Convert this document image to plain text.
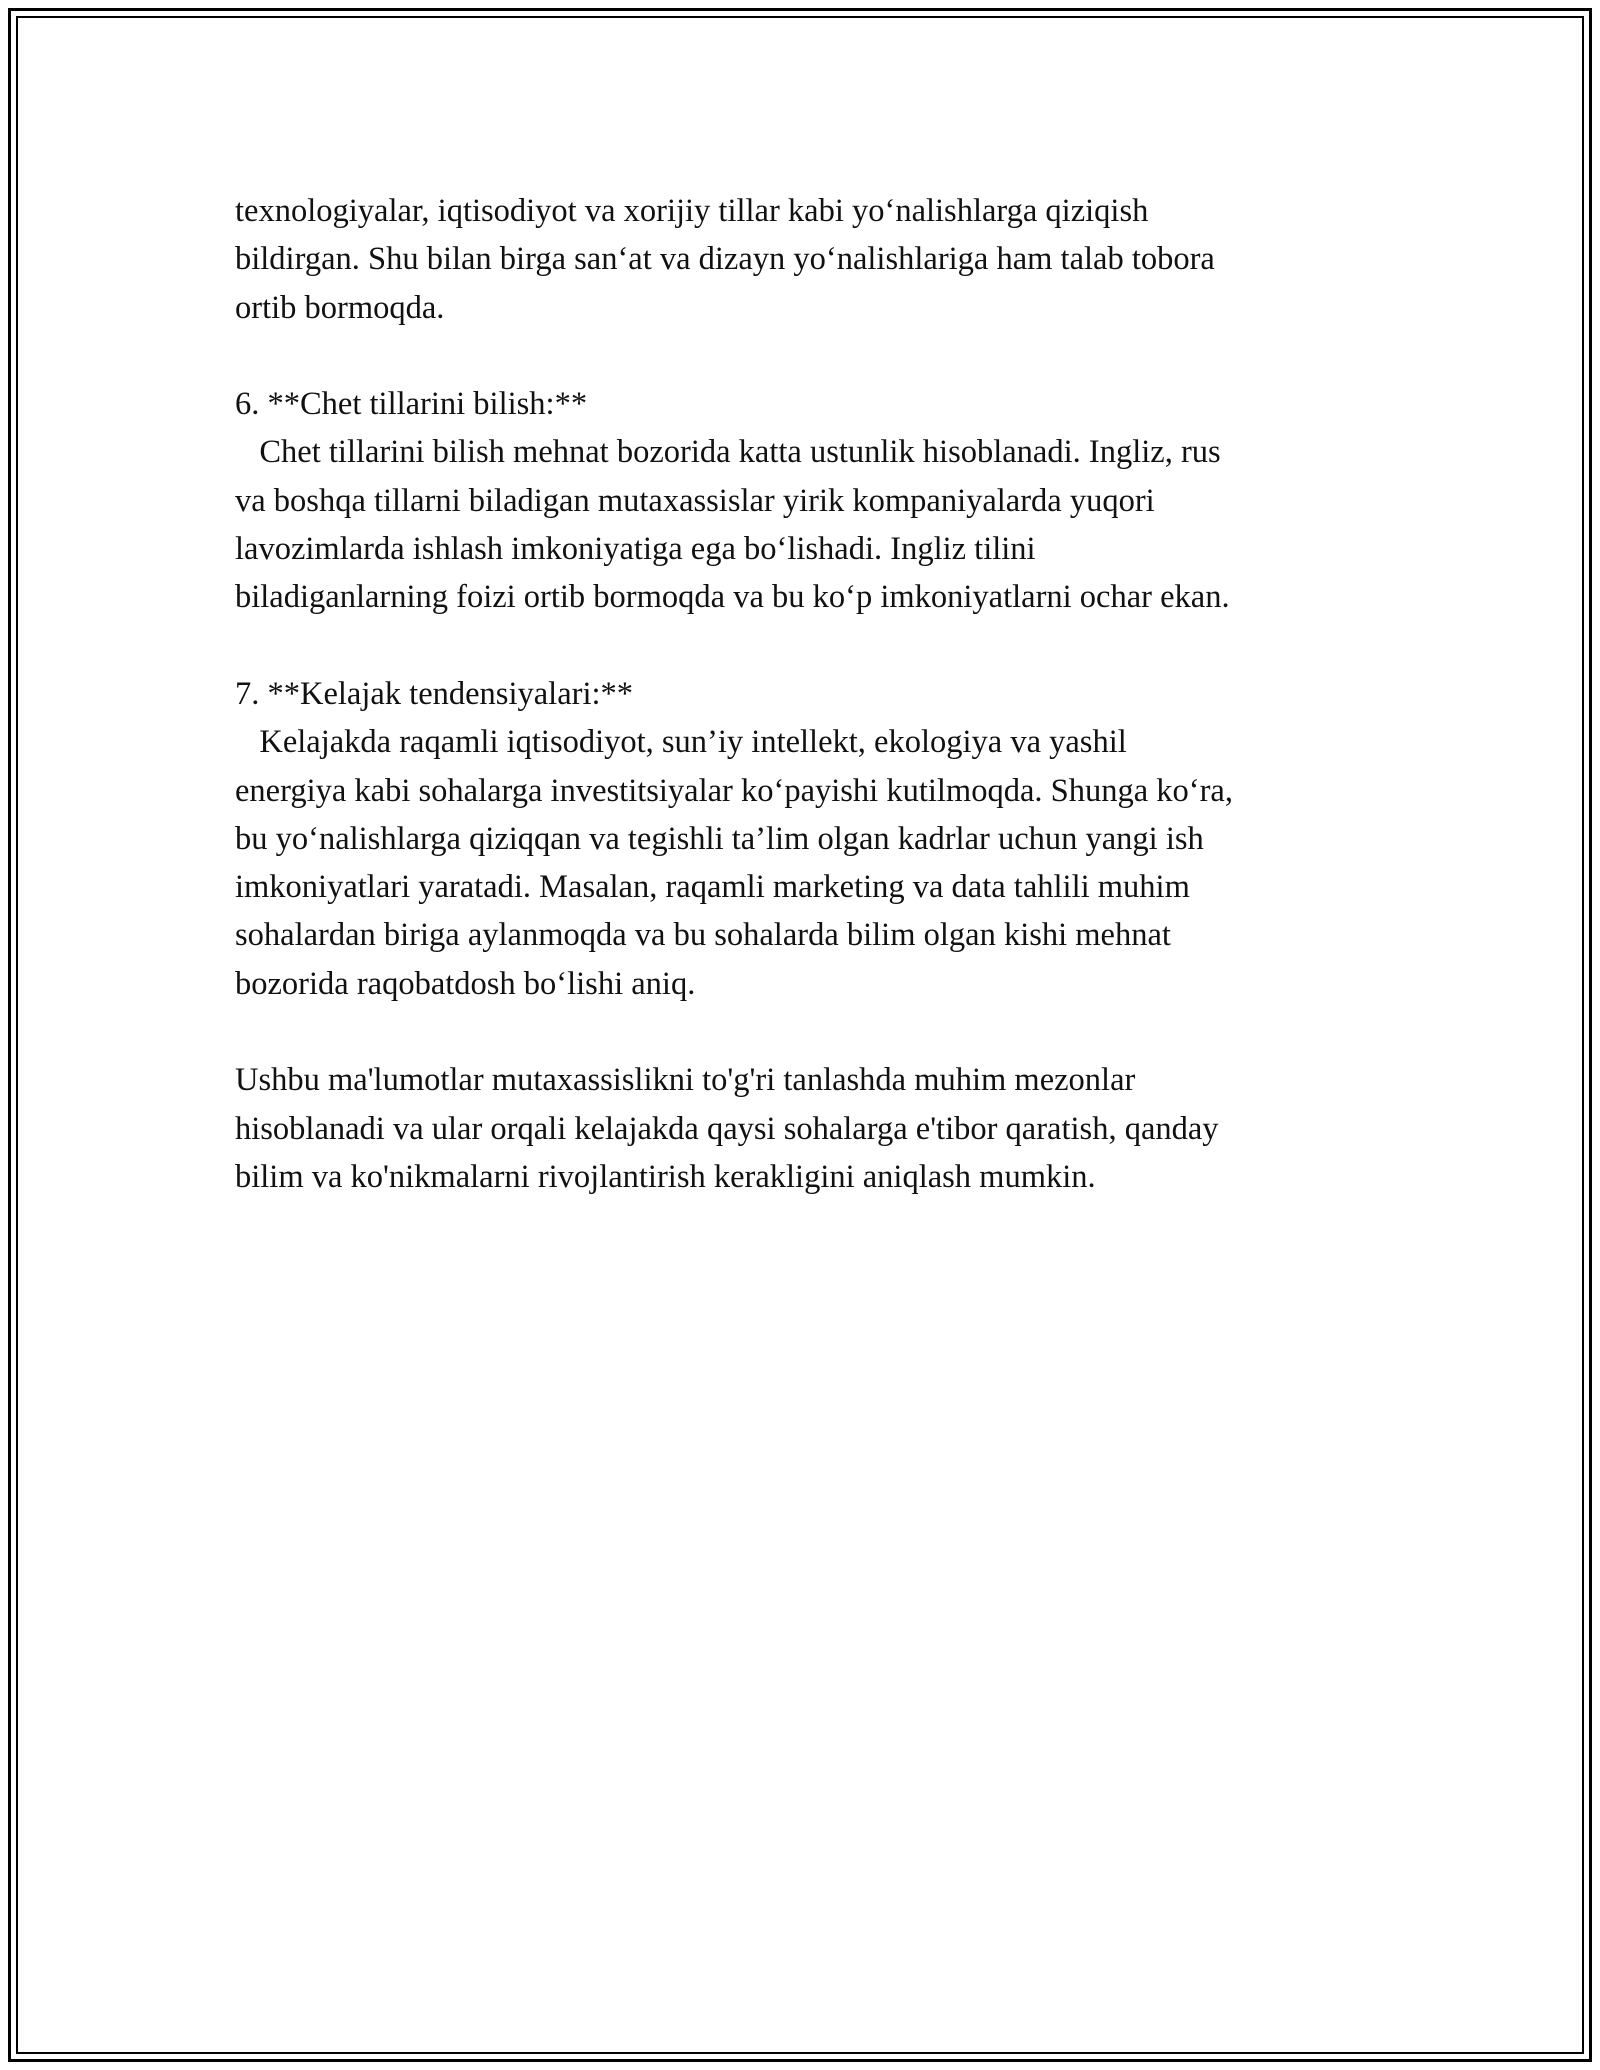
texnologiyalar, iqtisodiyot va xorijiy tillar kabi yo‘nalishlarga qiziqish
bildirgan. Shu bilan birga san‘at va dizayn yo‘nalishlariga ham talab tobora
ortib bormoqda.
6. **Chet tillarini bilish:**
Chet tillarini bilish mehnat bozorida katta ustunlik hisoblanadi. Ingliz, rus
va boshqa tillarni biladigan mutaxassislar yirik kompaniyalarda yuqori
lavozimlarda ishlash imkoniyatiga ega bo‘lishadi. Ingliz tilini
biladiganlarning foizi ortib bormoqda va bu ko‘p imkoniyatlarni ochar ekan.
7. **Kelajak tendensiyalari:**
Kelajakda raqamli iqtisodiyot, sun’iy intellekt, ekologiya va yashil
energiya kabi sohalarga investitsiyalar ko‘payishi kutilmoqda. Shunga ko‘ra,
bu yo‘nalishlarga qiziqqan va tegishli ta’lim olgan kadrlar uchun yangi ish
imkoniyatlari yaratadi. Masalan, raqamli marketing va data tahlili muhim
sohalardan biriga aylanmoqda va bu sohalarda bilim olgan kishi mehnat
bozorida raqobatdosh bo‘lishi aniq.
Ushbu ma'lumotlar mutaxassislikni to'g'ri tanlashda muhim mezonlar
hisoblanadi va ular orqali kelajakda qaysi sohalarga e'tibor qaratish, qanday
bilim va ko'nikmalarni rivojlantirish kerakligini aniqlash mumkin.
